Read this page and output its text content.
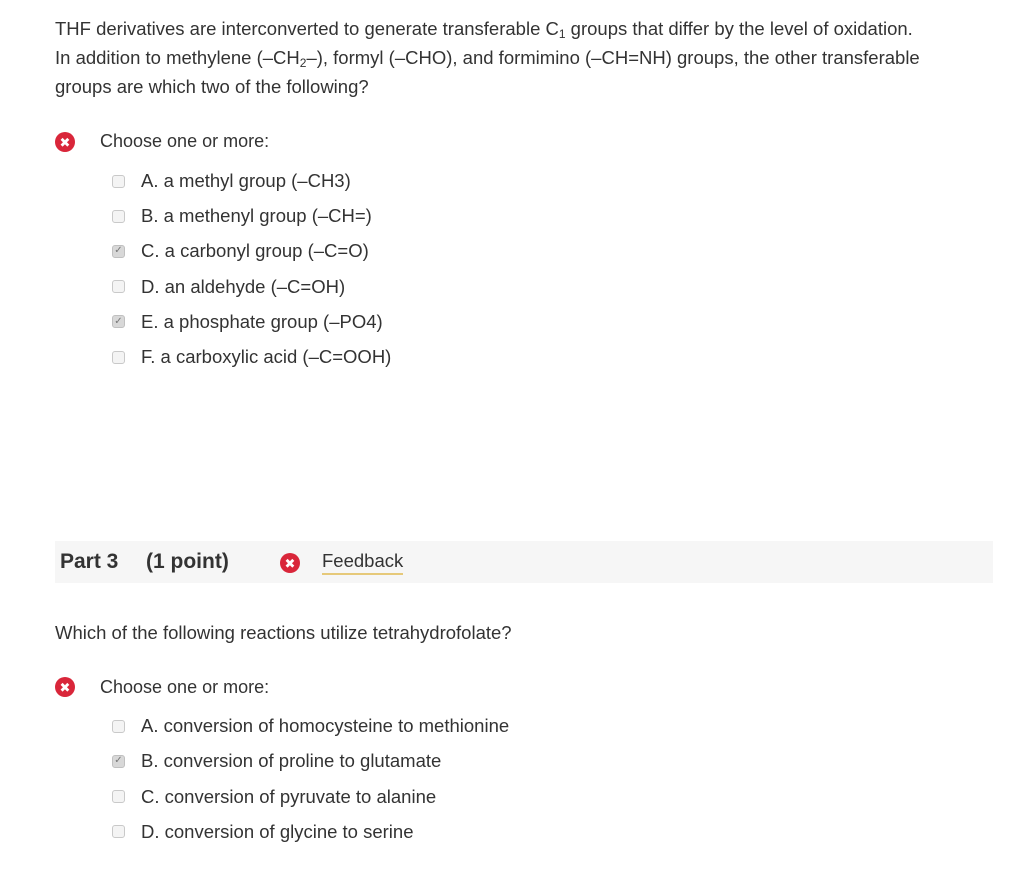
THF derivatives are interconverted to generate transferable $C_1$ groups that differ by the level of oxidation.
In addition to methylene $(-CH_2-)$, formyl (–CHO), and formimino (–CH=NH) groups, the other transferable
groups are which two of the following?
✖ Choose one or more:
A. a methyl group (–CH3)
B. a methenyl group (–CH=)
✓ C. a carbonyl group (–C=O)
D. an aldehyde (–C=OH)
✓ E. a phosphate group (–PO4)
F. a carboxylic acid (–C=OOH)
Part 3 (1 point)	✖ Feedback
Which of the following reactions utilize tetrahydrofolate?
✖ Choose one or more:
A. conversion of homocysteine to methionine
✓ B. conversion of proline to glutamate
C. conversion of pyruvate to alanine
D. conversion of glycine to serine
